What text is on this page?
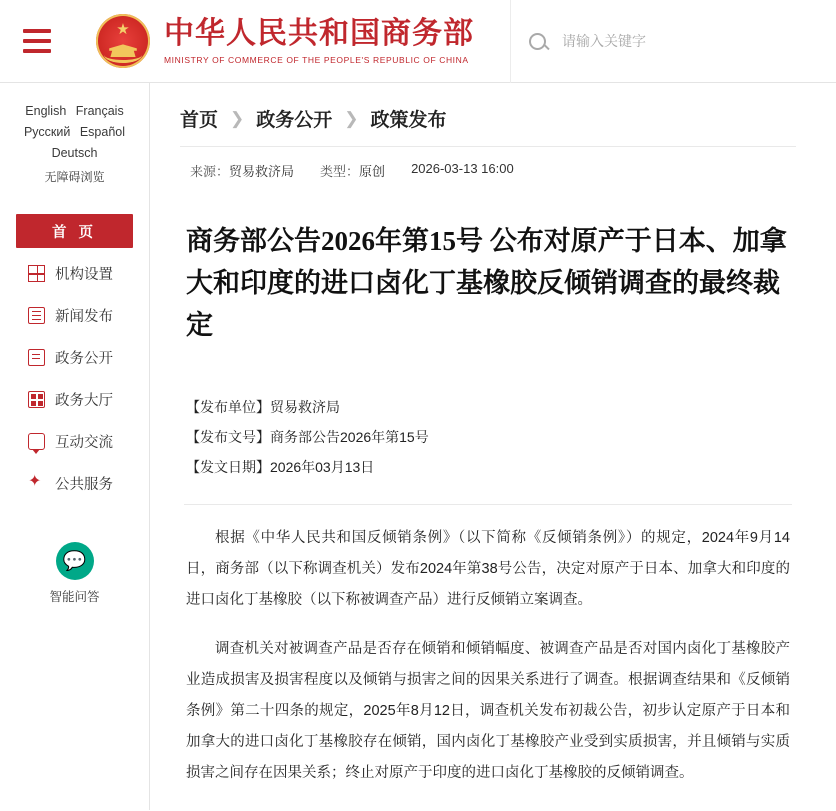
★ 中华人民共和国商务部
MINISTRY OF COMMERCE OF THE PEOPLE'S REPUBLIC OF CHINA
请输入关键字
English Français
Русский Español
Deutsch
无障碍浏览
首 页
机构设置
新闻发布
政务公开
政务大厅
互动交流
✦
公共服务
💬
智能问答
首页 ❯ 政务公开 ❯ 政策发布
来源：贸易救济局 类型：原创 2026-03-13 16:00
商务部公告2026年第15号 公布对原产于日本、加拿大和印度的进口卤化丁基橡胶反倾销调查的最终裁定
【发布单位】贸易救济局
【发布文号】商务部公告2026年第15号
【发文日期】2026年03月13日

根据《中华人民共和国反倾销条例》（以下简称《反倾销条例》）的规定，2024年9月14日，商务部（以下称调查机关）发布2024年第38号公告，决定对原产于日本、加拿大和印度的进口卤化丁基橡胶（以下称被调查产品）进行反倾销立案调查。

调查机关对被调查产品是否存在倾销和倾销幅度、被调查产品是否对国内卤化丁基橡胶产业造成损害及损害程度以及倾销与损害之间的因果关系进行了调查。根据调查结果和《反倾销条例》第二十四条的规定，2025年8月12日，调查机关发布初裁公告，初步认定原产于日本和加拿大的进口卤化丁基橡胶存在倾销，国内卤化丁基橡胶产业受到实质损害，并且倾销与实质损害之间存在因果关系；终止对原产于印度的进口卤化丁基橡胶的反倾销调查。
